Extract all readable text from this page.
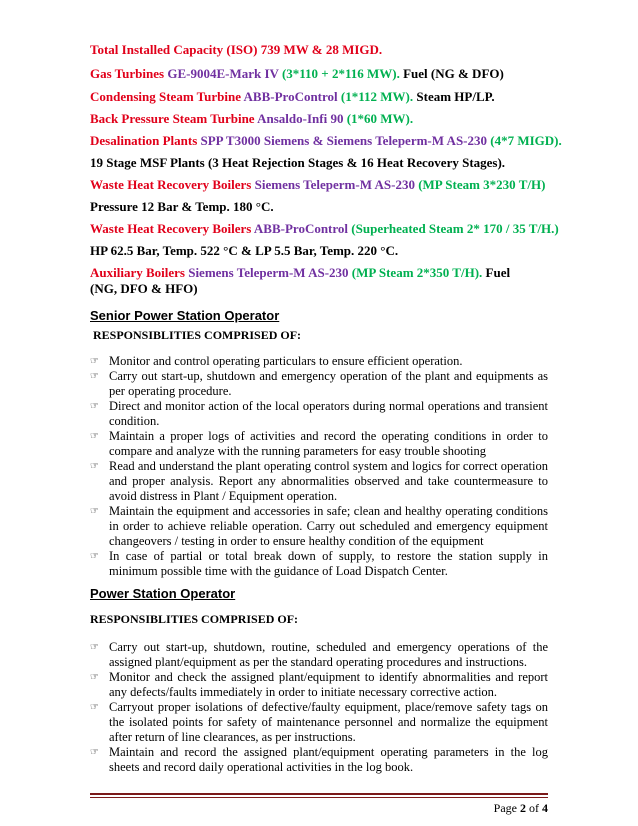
Total Installed Capacity (ISO) 739 MW & 28 MIGD.
Gas Turbines GE-9004E-Mark IV (3*110 + 2*116 MW). Fuel (NG & DFO)
Condensing Steam Turbine ABB-ProControl (1*112 MW). Steam HP/LP.
Back Pressure Steam Turbine Ansaldo-Infi 90 (1*60 MW).
Desalination Plants SPP T3000 Siemens & Siemens Teleperm-M AS-230 (4*7 MIGD).
19 Stage MSF Plants (3 Heat Rejection Stages & 16 Heat Recovery Stages).
Waste Heat Recovery Boilers Siemens Teleperm-M AS-230 (MP Steam 3*230 T/H)
Pressure 12 Bar & Temp. 180 °C.
Waste Heat Recovery Boilers ABB-ProControl (Superheated Steam 2* 170 / 35 T/H.)
HP 62.5 Bar, Temp. 522 °C & LP 5.5 Bar, Temp. 220 °C.
Auxiliary Boilers Siemens Teleperm-M AS-230 (MP Steam 2*350 T/H). Fuel (NG, DFO & HFO)
Senior Power Station Operator
RESPONSIBLITIES COMPRISED OF:
☞ Monitor and control operating particulars to ensure efficient operation.
☞ Carry out start-up, shutdown and emergency operation of the plant and equipments as per operating procedure.
☞ Direct and monitor action of the local operators during normal operations and transient condition.
☞ Maintain a proper logs of activities and record the operating conditions in order to compare and analyze with the running parameters for easy trouble shooting
☞ Read and understand the plant operating control system and logics for correct operation and proper analysis. Report any abnormalities observed and take countermeasure to avoid distress in Plant / Equipment operation.
☞ Maintain the equipment and accessories in safe; clean and healthy operating conditions in order to achieve reliable operation. Carry out scheduled and emergency equipment changeovers / testing in order to ensure healthy condition of the equipment
☞ In case of partial or total break down of supply, to restore the station supply in minimum possible time with the guidance of Load Dispatch Center.
Power Station Operator
RESPONSIBLITIES COMPRISED OF:
☞ Carry out start-up, shutdown, routine, scheduled and emergency operations of the assigned plant/equipment as per the standard operating procedures and instructions.
☞ Monitor and check the assigned plant/equipment to identify abnormalities and report any defects/faults immediately in order to initiate necessary corrective action.
☞ Carryout proper isolations of defective/faulty equipment, place/remove safety tags on the isolated points for safety of maintenance personnel and normalize the equipment after return of line clearances, as per instructions.
☞ Maintain and record the assigned plant/equipment operating parameters in the log sheets and record daily operational activities in the log book.
Page 2 of 4
